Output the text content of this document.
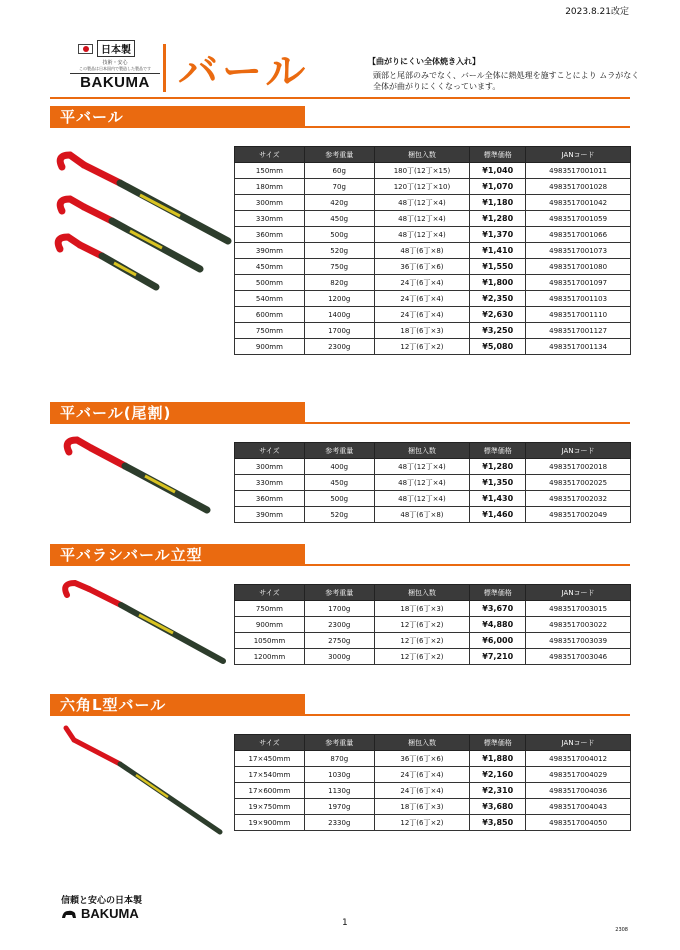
2023.8.21改定
日本製
技術・安心
この製品は日本国内で製造した製品です
BAKUMA バール	【曲がりにくい全体焼き入れ】
頭部と尾部のみでなく、バール全体に熱処理を施すことにより ムラがなく全体が曲がりにくくなっています。
平バール
サイズ	参考重量	梱包入数	標準価格	JANコード
150mm	60g	180丁(12丁×15)	¥1,040	4983517001011
180mm	70g	120丁(12丁×10)	¥1,070	4983517001028
300mm	420g	48丁(12丁×4)	¥1,180	4983517001042
330mm	450g	48丁(12丁×4)	¥1,280	4983517001059
360mm	500g	48丁(12丁×4)	¥1,370	4983517001066
390mm	520g	48丁(6丁×8)	¥1,410	4983517001073
450mm	750g	36丁(6丁×6)	¥1,550	4983517001080
500mm	820g	24丁(6丁×4)	¥1,800	4983517001097
540mm	1200g	24丁(6丁×4)	¥2,350	4983517001103
600mm	1400g	24丁(6丁×4)	¥2,630	4983517001110
750mm	1700g	18丁(6丁×3)	¥3,250	4983517001127
900mm	2300g	12丁(6丁×2)	¥5,080	4983517001134
平バール(尾割)
サイズ	参考重量	梱包入数	標準価格	JANコード
300mm	400g	48丁(12丁×4)	¥1,280	4983517002018
330mm	450g	48丁(12丁×4)	¥1,350	4983517002025
360mm	500g	48丁(12丁×4)	¥1,430	4983517002032
390mm	520g	48丁(6丁×8)	¥1,460	4983517002049
平バラシバール立型
サイズ	参考重量	梱包入数	標準価格	JANコード
750mm	1700g	18丁(6丁×3)	¥3,670	4983517003015
900mm	2300g	12丁(6丁×2)	¥4,880	4983517003022
1050mm	2750g	12丁(6丁×2)	¥6,000	4983517003039
1200mm	3000g	12丁(6丁×2)	¥7,210	4983517003046
六角L型バール
サイズ	参考重量	梱包入数	標準価格	JANコード
17×450mm	870g	36丁(6丁×6)	¥1,880	4983517004012
17×540mm	1030g	24丁(6丁×4)	¥2,160	4983517004029
17×600mm	1130g	24丁(6丁×4)	¥2,310	4983517004036
19×750mm	1970g	18丁(6丁×3)	¥3,680	4983517004043
19×900mm	2330g	12丁(6丁×2)	¥3,850	4983517004050
信頼と安心の日本製
BAKUMA
1
2308
